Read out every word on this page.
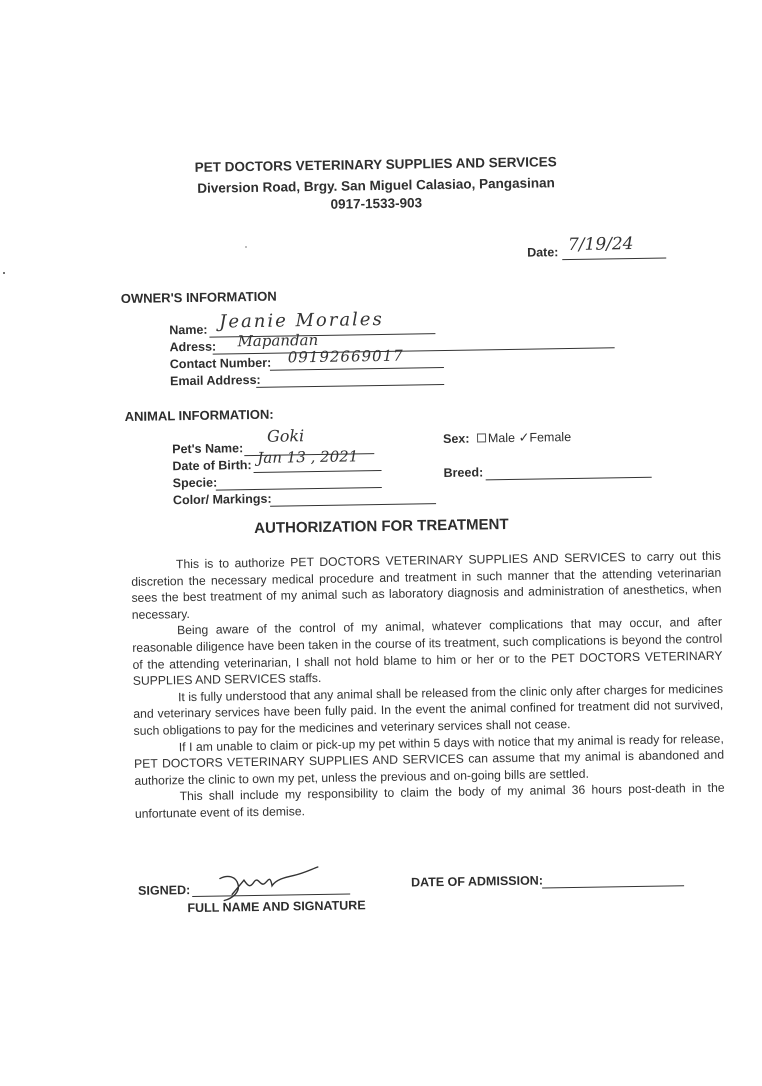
PET DOCTORS VETERINARY SUPPLIES AND SERVICES
Diversion Road, Brgy. San Miguel Calasiao, Pangasinan
0917-1533-903
Date: 7/19/24
OWNER'S INFORMATION
Name: Jeanie Morales
Adress: Mapandan
Contact Number: 09192669017
Email Address:
ANIMAL INFORMATION:
Pet's Name:
Goki
Date of Birth: Jan 13 , 2021
Specie:
Color/ Markings:
Sex: Male ✓Female
Breed:
AUTHORIZATION FOR TREATMENT

This is to authorize PET DOCTORS VETERINARY SUPPLIES AND SERVICES to carry out this discretion the necessary medical procedure and treatment in such manner that the attending veterinarian sees the best treatment of my animal such as laboratory diagnosis and administration of anesthetics, when necessary.

Being aware of the control of my animal, whatever complications that may occur, and after reasonable diligence have been taken in the course of its treatment, such complications is beyond the control of the attending veterinarian, I shall not hold blame to him or her or to the PET DOCTORS VETERINARY SUPPLIES AND SERVICES staffs.

It is fully understood that any animal shall be released from the clinic only after charges for medicines and veterinary services have been fully paid. In the event the animal confined for treatment did not survived, such obligations to pay for the medicines and veterinary services shall not cease.

If I am unable to claim or pick-up my pet within 5 days with notice that my animal is ready for release, PET DOCTORS VETERINARY SUPPLIES AND SERVICES can assume that my animal is abandoned and authorize the clinic to own my pet, unless the previous and on-going bills are settled.

This shall include my responsibility to claim the body of my animal 36 hours post-death in the unfortunate event of its demise.

SIGNED:
FULL NAME AND SIGNATURE
DATE OF ADMISSION:
